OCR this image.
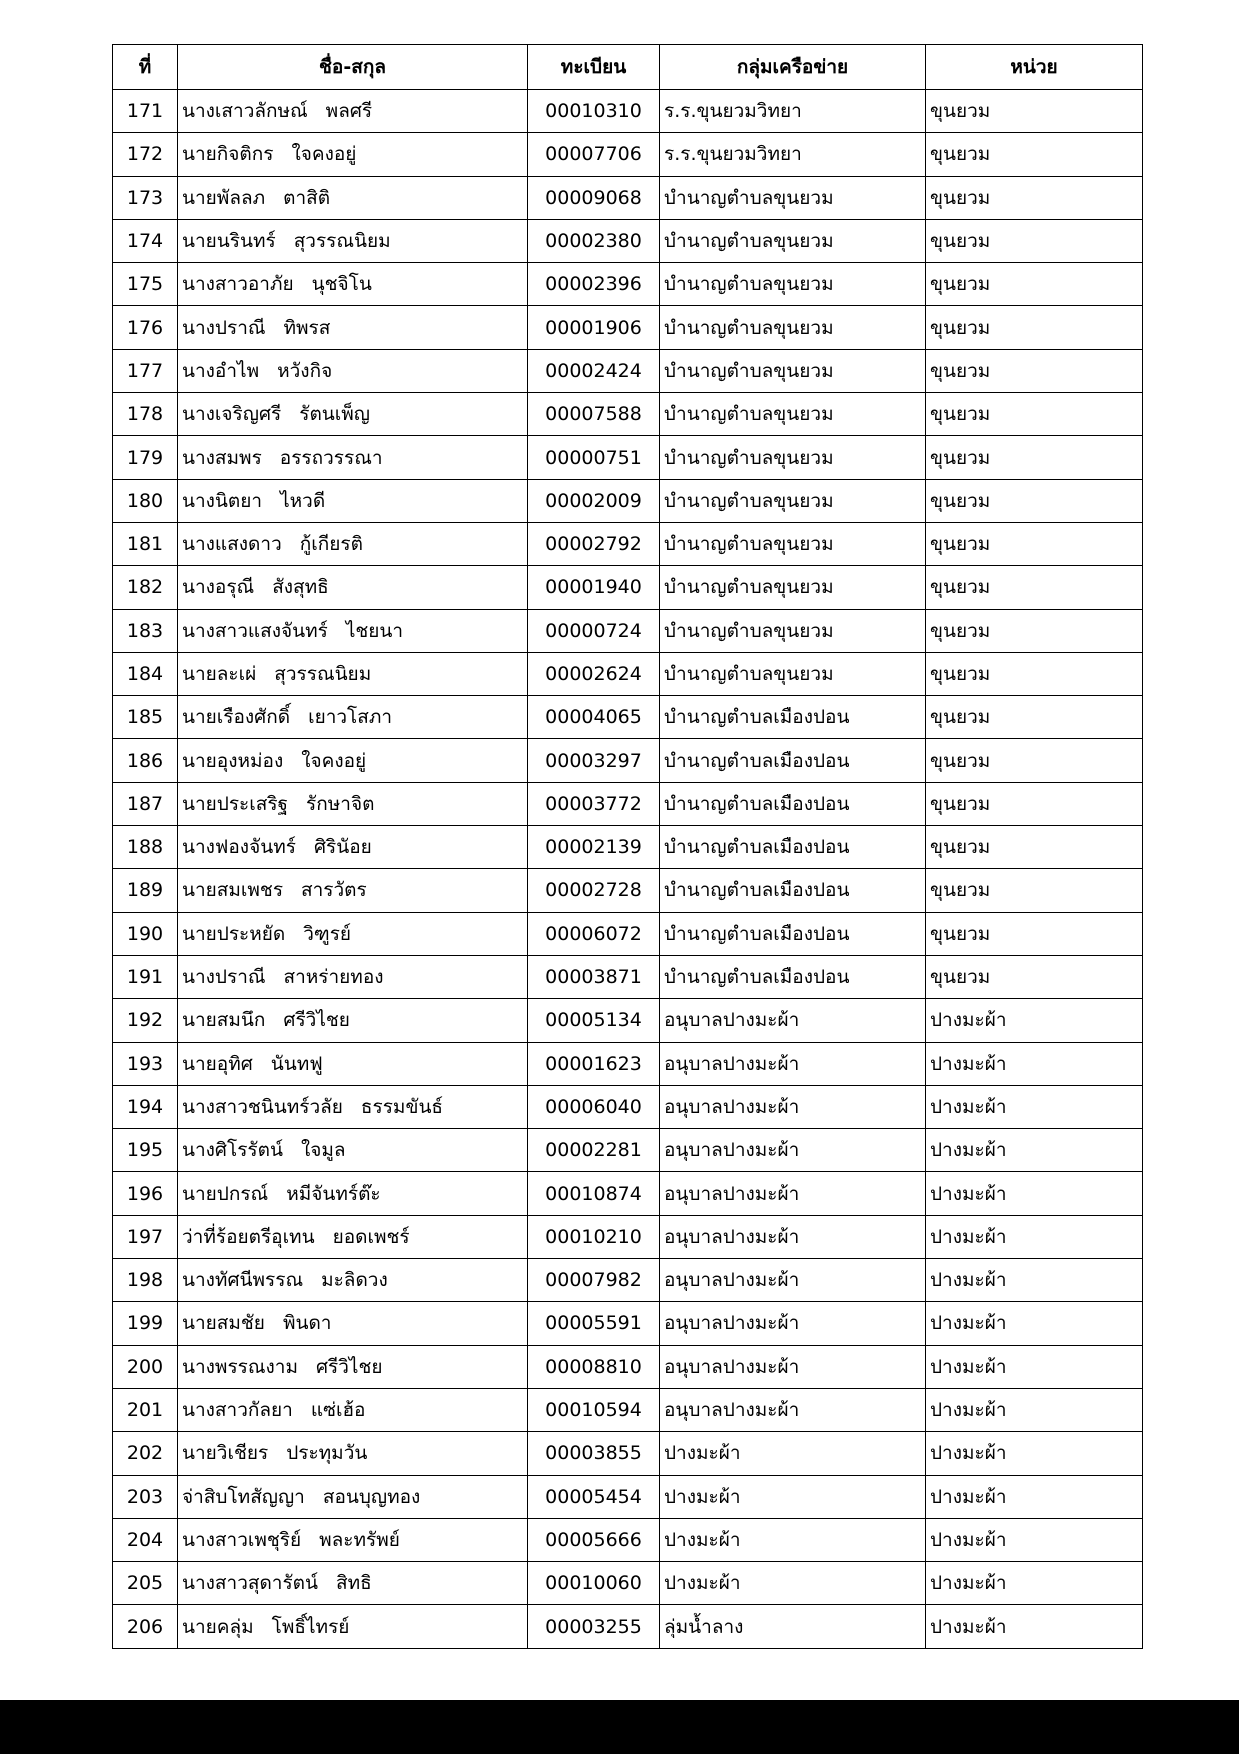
ที่	ชื่อ-สกุล	ทะเบียน	กลุ่มเครือข่าย	หน่วย
171	นางเสาวลักษณ์ พลศรี	00010310	ร.ร.ขุนยวมวิทยา	ขุนยวม
172	นายกิจติกร ใจคงอยู่	00007706	ร.ร.ขุนยวมวิทยา	ขุนยวม
173	นายพัลลภ ตาสิติ	00009068	บำนาญตำบลขุนยวม	ขุนยวม
174	นายนรินทร์ สุวรรณนิยม	00002380	บำนาญตำบลขุนยวม	ขุนยวม
175	นางสาวอาภัย นุชจิโน	00002396	บำนาญตำบลขุนยวม	ขุนยวม
176	นางปราณี ทิพรส	00001906	บำนาญตำบลขุนยวม	ขุนยวม
177	นางอำไพ หวังกิจ	00002424	บำนาญตำบลขุนยวม	ขุนยวม
178	นางเจริญศรี รัตนเพ็ญ	00007588	บำนาญตำบลขุนยวม	ขุนยวม
179	นางสมพร อรรถวรรณา	00000751	บำนาญตำบลขุนยวม	ขุนยวม
180	นางนิตยา ไหวดี	00002009	บำนาญตำบลขุนยวม	ขุนยวม
181	นางแสงดาว กู้เกียรติ	00002792	บำนาญตำบลขุนยวม	ขุนยวม
182	นางอรุณี สังสุทธิ	00001940	บำนาญตำบลขุนยวม	ขุนยวม
183	นางสาวแสงจันทร์ ไชยนา	00000724	บำนาญตำบลขุนยวม	ขุนยวม
184	นายละเผ่ สุวรรณนิยม	00002624	บำนาญตำบลขุนยวม	ขุนยวม
185	นายเรืองศักดิ์ เยาวโสภา	00004065	บำนาญตำบลเมืองปอน	ขุนยวม
186	นายอุงหม่อง ใจคงอยู่	00003297	บำนาญตำบลเมืองปอน	ขุนยวม
187	นายประเสริฐ รักษาจิต	00003772	บำนาญตำบลเมืองปอน	ขุนยวม
188	นางฟองจันทร์ ศิรินัอย	00002139	บำนาญตำบลเมืองปอน	ขุนยวม
189	นายสมเพชร สารวัตร	00002728	บำนาญตำบลเมืองปอน	ขุนยวม
190	นายประหยัด วิฑูรย์	00006072	บำนาญตำบลเมืองปอน	ขุนยวม
191	นางปราณี สาหร่ายทอง	00003871	บำนาญตำบลเมืองปอน	ขุนยวม
192	นายสมนึก ศรีวิไชย	00005134	อนุบาลปางมะผ้า	ปางมะผ้า
193	นายอุทิศ นันทฟู	00001623	อนุบาลปางมะผ้า	ปางมะผ้า
194	นางสาวชนินทร์วลัย ธรรมขันธ์	00006040	อนุบาลปางมะผ้า	ปางมะผ้า
195	นางศิโรรัตน์ ใจมูล	00002281	อนุบาลปางมะผ้า	ปางมะผ้า
196	นายปกรณ์ หมีจันทร์ต๊ะ	00010874	อนุบาลปางมะผ้า	ปางมะผ้า
197	ว่าที่ร้อยตรีอุเทน ยอดเพชร์	00010210	อนุบาลปางมะผ้า	ปางมะผ้า
198	นางทัศนีพรรณ มะลิดวง	00007982	อนุบาลปางมะผ้า	ปางมะผ้า
199	นายสมชัย พินดา	00005591	อนุบาลปางมะผ้า	ปางมะผ้า
200	นางพรรณงาม ศรีวิไชย	00008810	อนุบาลปางมะผ้า	ปางมะผ้า
201	นางสาวกัลยา แซ่เฮ้อ	00010594	อนุบาลปางมะผ้า	ปางมะผ้า
202	นายวิเชียร ประทุมวัน	00003855	ปางมะผ้า	ปางมะผ้า
203	จ่าสิบโทสัญญา สอนบุญทอง	00005454	ปางมะผ้า	ปางมะผ้า
204	นางสาวเพชุริย์ พละทรัพย์	00005666	ปางมะผ้า	ปางมะผ้า
205	นางสาวสุดารัตน์ สิทธิ	00010060	ปางมะผ้า	ปางมะผ้า
206	นายคลุ่ม โพธิ์ไทรย์	00003255	ลุ่มน้ำลาง	ปางมะผ้า
